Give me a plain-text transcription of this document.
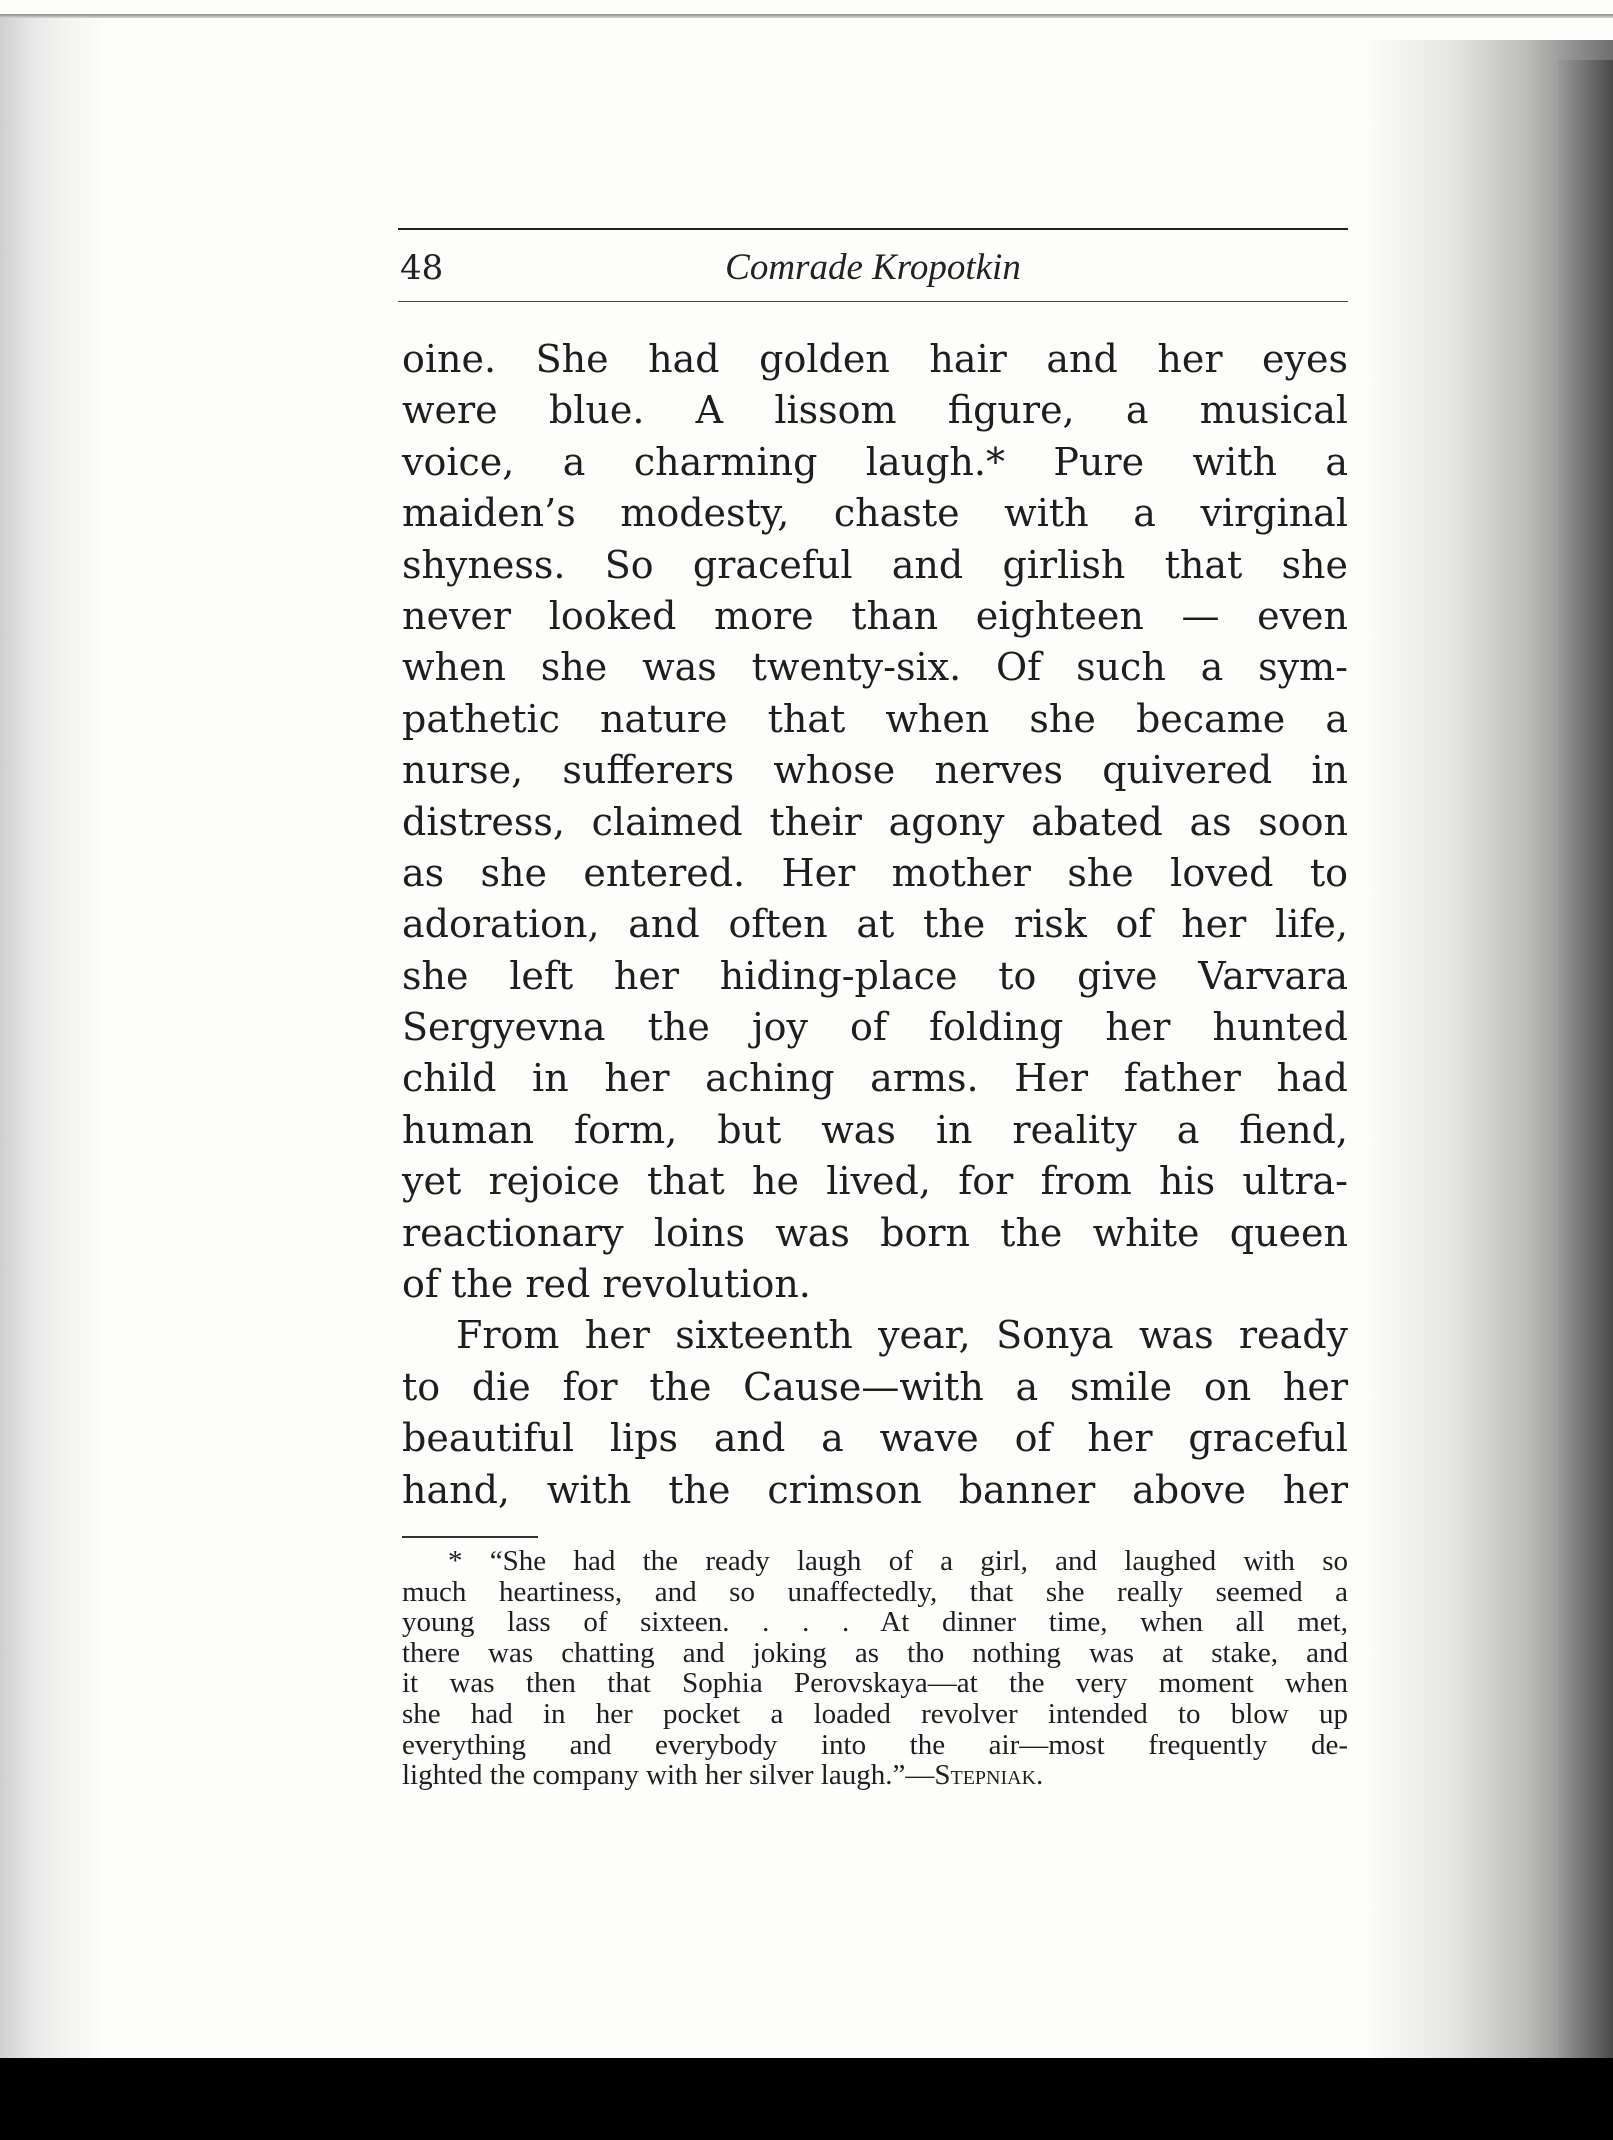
48	Comrade Kropotkin
oine. She had golden hair and her eyes
were blue. A lissom figure, a musical
voice, a charming laugh.* Pure with a
maiden’s modesty, chaste with a virginal
shyness. So graceful and girlish that she
never looked more than eighteen — even
when she was twenty-six. Of such a sym-
pathetic nature that when she became a
nurse, sufferers whose nerves quivered in
distress, claimed their agony abated as soon
as she entered. Her mother she loved to
adoration, and often at the risk of her life,
she left her hiding-place to give Varvara
Sergyevna the joy of folding her hunted
child in her aching arms. Her father had
human form, but was in reality a fiend,
yet rejoice that he lived, for from his ultra-
reactionary loins was born the white queen
of the red revolution.
From her sixteenth year, Sonya was ready
to die for the Cause—with a smile on her
beautiful lips and a wave of her graceful
hand, with the crimson banner above her
* “She had the ready laugh of a girl, and laughed with so
much heartiness, and so unaffectedly, that she really seemed a
young lass of sixteen. . . . At dinner time, when all met,
there was chatting and joking as tho nothing was at stake, and
it was then that Sophia Perovskaya—at the very moment when
she had in her pocket a loaded revolver intended to blow up
everything and everybody into the air—most frequently de-
lighted the company with her silver laugh.”—Stepniak.
